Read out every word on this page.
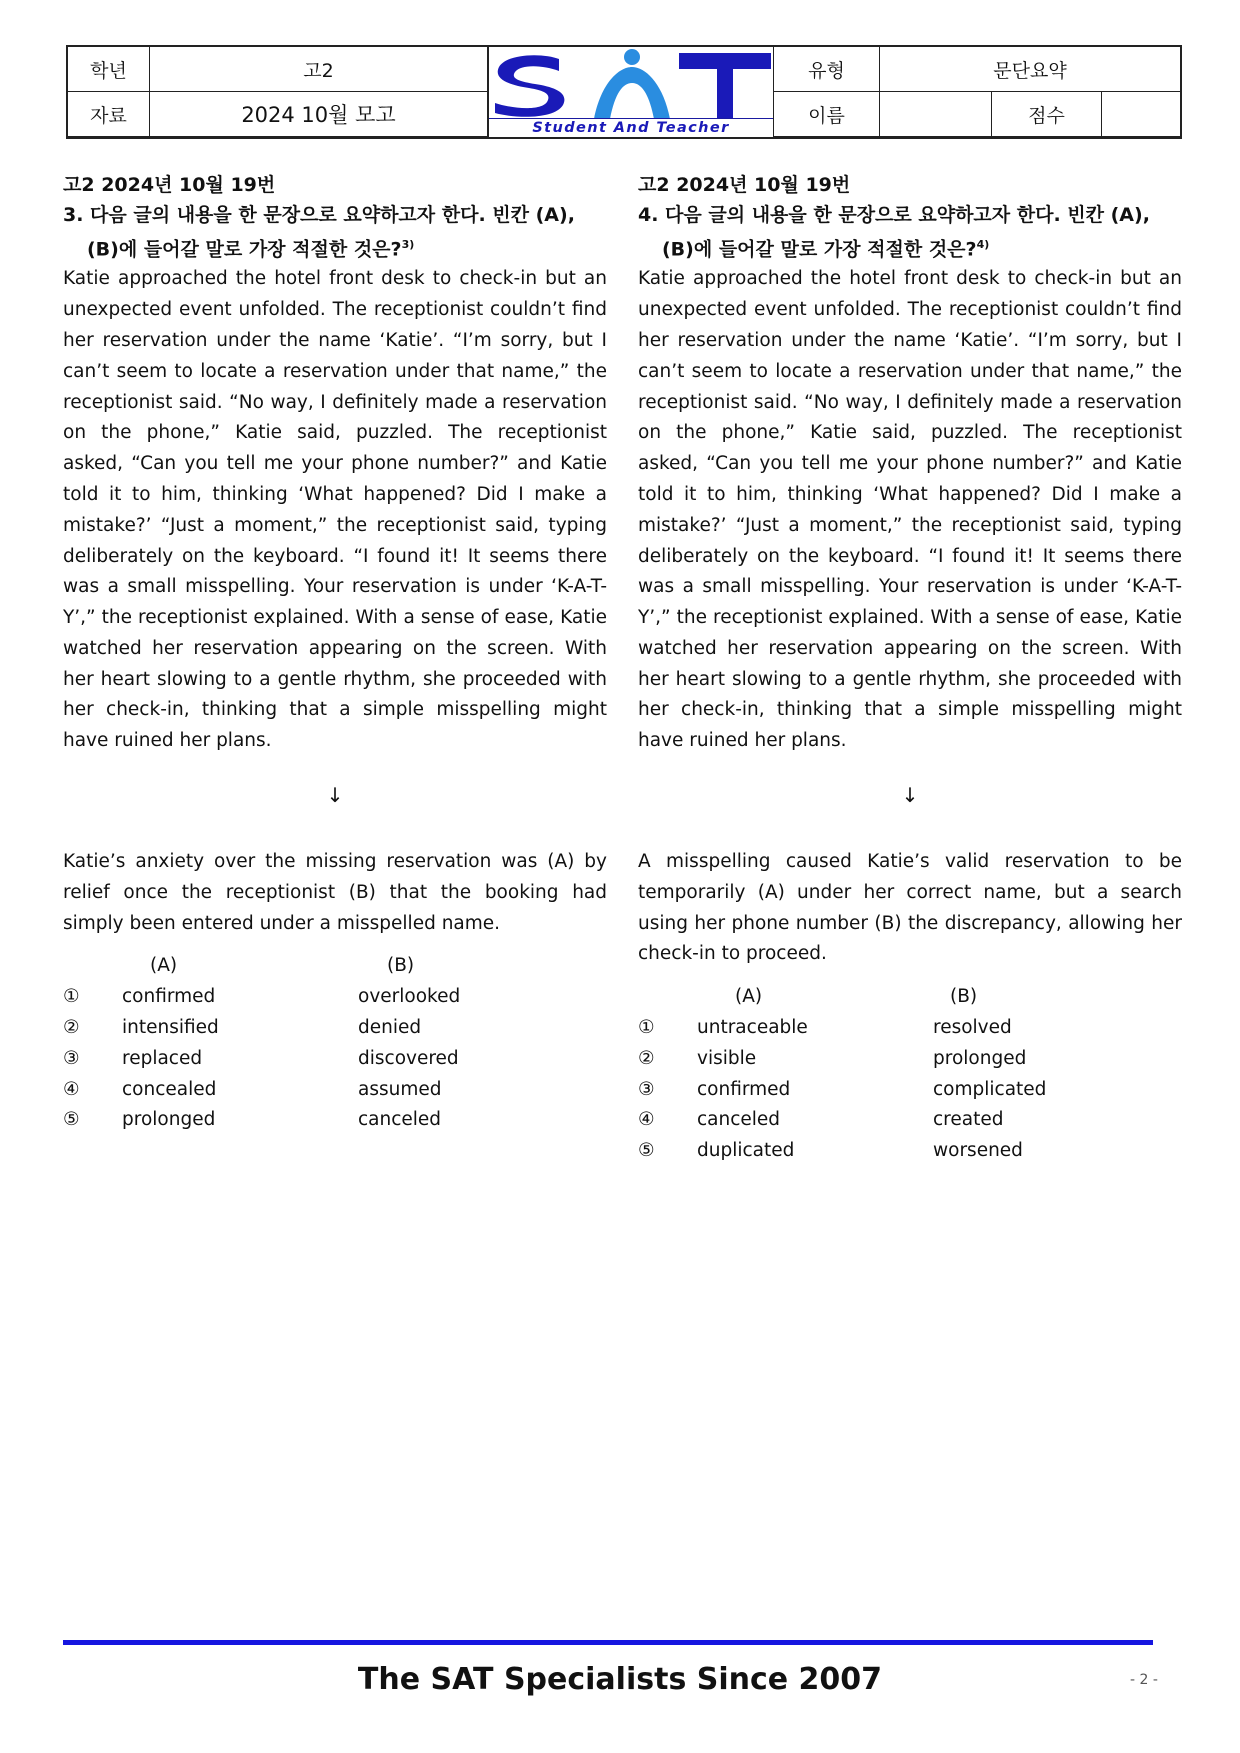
학년	고2
자료	2024 10월 모고
Student And Teacher
유형	문단요약
이름	점수
고2 2024년 10월 19번
3. 다음 글의 내용을 한 문장으로 요약하고자 한다. 빈칸 (A),
(B)에 들어갈 말로 가장 적절한 것은?$^{3)}$
Katie approached the hotel front desk to check-in but an unexpected event unfolded. The receptionist couldn’t find her reservation under the name ‘Katie’. “I’m sorry, but I can’t seem to locate a reservation under that name,” the receptionist said. “No way, I definitely made a reservation on the phone,” Katie said, puzzled. The receptionist asked, “Can you tell me your phone number?” and Katie told it to him, thinking ‘What happened? Did I make a mistake?’ “Just a moment,” the receptionist said, typing deliberately on the keyboard. “I found it! It seems there was a small misspelling. Your reservation is under ‘K-A-T-Y’,” the receptionist explained. With a sense of ease, Katie watched her reservation appearing on the screen. With her heart slowing to a gentle rhythm, she proceeded with her check-in, thinking that a simple misspelling might have ruined her plans.
↓
Katie’s anxiety over the missing reservation was (A) by relief once the receptionist (B) that the booking had simply been entered under a misspelled name.
(A)	(B)
① confirmed	overlooked
② intensified	denied
③ replaced	discovered
④ concealed	assumed
⑤ prolonged	canceled
고2 2024년 10월 19번
4. 다음 글의 내용을 한 문장으로 요약하고자 한다. 빈칸 (A),
(B)에 들어갈 말로 가장 적절한 것은?$^{4)}$
Katie approached the hotel front desk to check-in but an unexpected event unfolded. The receptionist couldn’t find her reservation under the name ‘Katie’. “I’m sorry, but I can’t seem to locate a reservation under that name,” the receptionist said. “No way, I definitely made a reservation on the phone,” Katie said, puzzled. The receptionist asked, “Can you tell me your phone number?” and Katie told it to him, thinking ‘What happened? Did I make a mistake?’ “Just a moment,” the receptionist said, typing deliberately on the keyboard. “I found it! It seems there was a small misspelling. Your reservation is under ‘K-A-T-Y’,” the receptionist explained. With a sense of ease, Katie watched her reservation appearing on the screen. With her heart slowing to a gentle rhythm, she proceeded with her check-in, thinking that a simple misspelling might have ruined her plans.
↓
A misspelling caused Katie’s valid reservation to be temporarily (A) under her correct name, but a search using her phone number (B) the discrepancy, allowing her check-in to proceed.
(A)	(B)
① untraceable	resolved
② visible	prolonged
③ confirmed	complicated
④ canceled	created
⑤ duplicated	worsened
The SAT Specialists Since 2007	- 2 -
